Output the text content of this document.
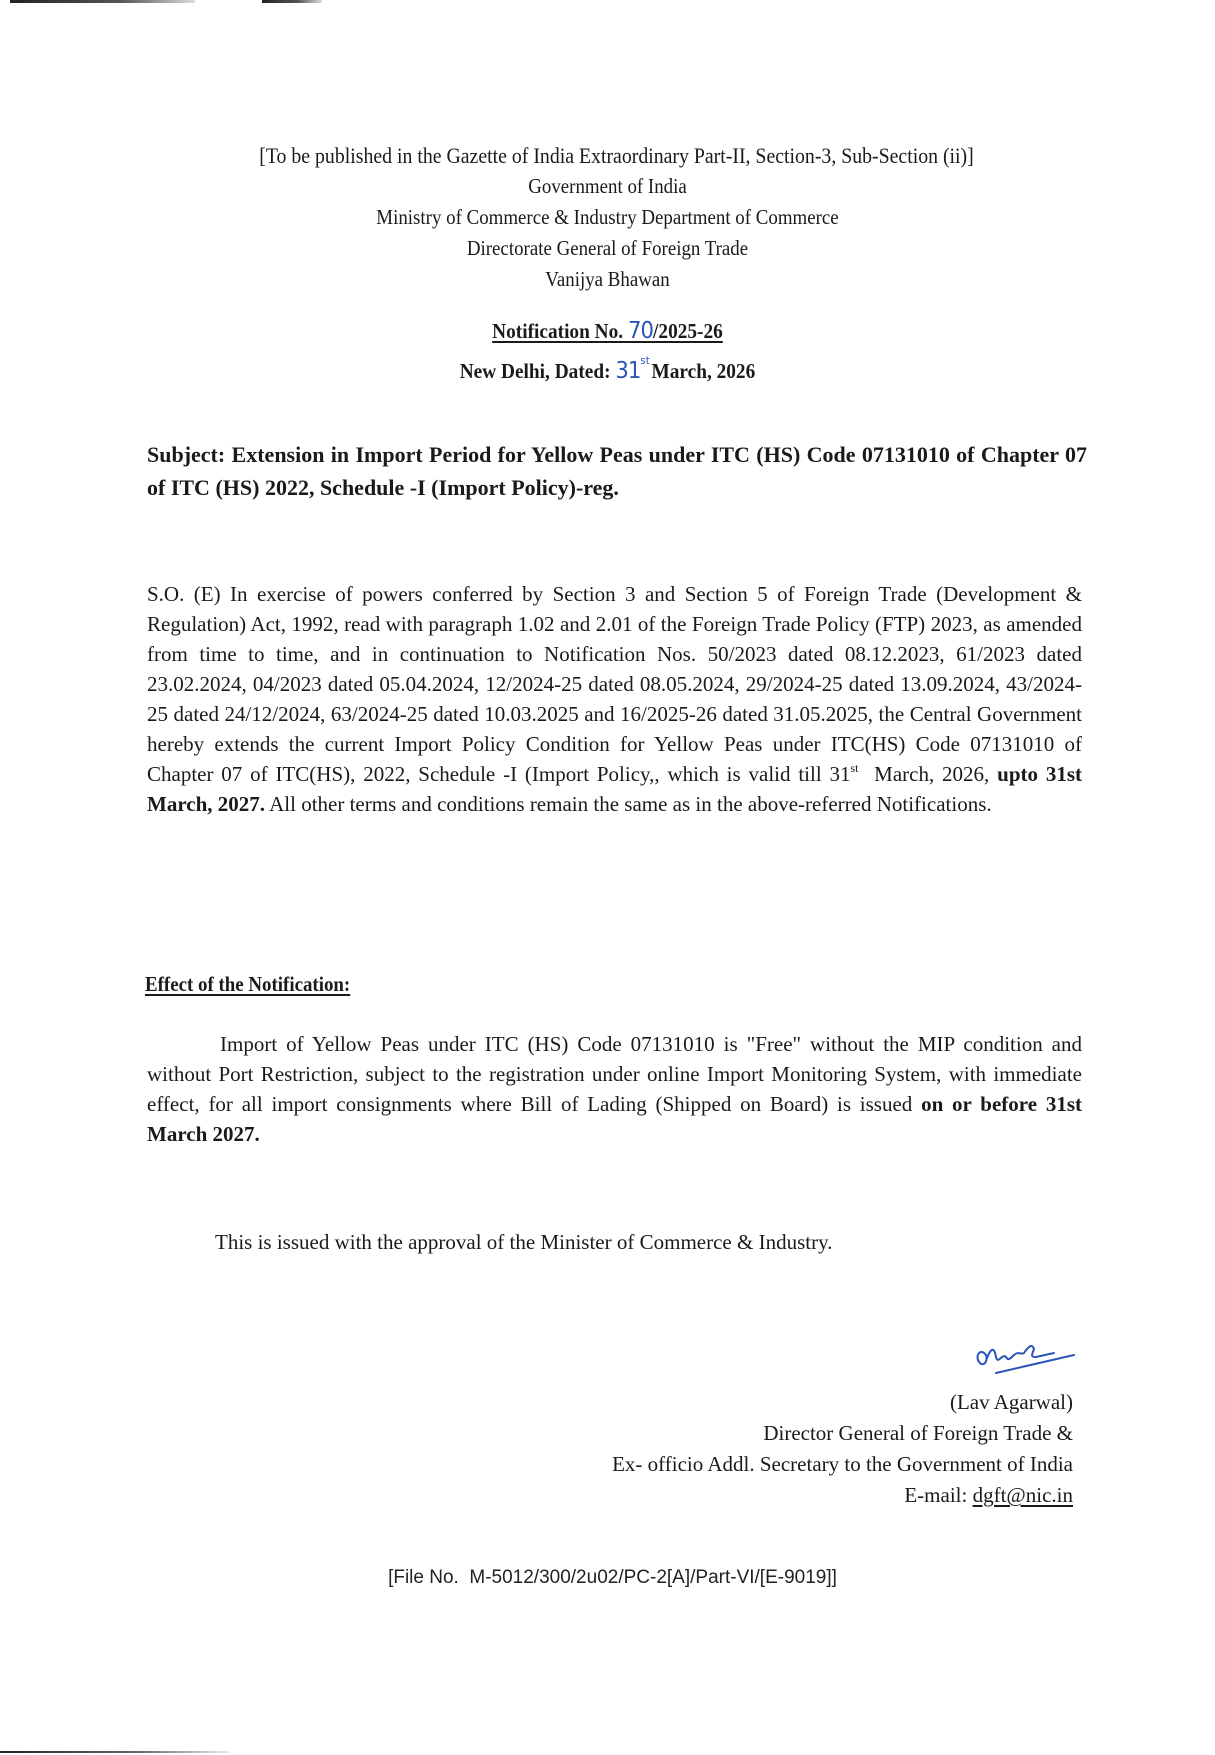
[To be published in the Gazette of India Extraordinary Part-II, Section-3, Sub-Section (ii)]
Government of India
Ministry of Commerce & Industry Department of Commerce
Directorate General of Foreign Trade
Vanijya Bhawan
Notification No. 70/2025-26
New Delhi, Dated: 31stMarch, 2026
Subject: Extension in Import Period for Yellow Peas under ITC (HS) Code 07131010 of Chapter 07 of ITC (HS) 2022, Schedule -I (Import Policy)-reg.
S.O. (E) In exercise of powers conferred by Section 3 and Section 5 of Foreign Trade (Development & Regulation) Act, 1992, read with paragraph 1.02 and 2.01 of the Foreign Trade Policy (FTP) 2023, as amended from time to time, and in continuation to Notification Nos. 50/2023 dated 08.12.2023, 61/2023 dated 23.02.2024, 04/2023 dated 05.04.2024, 12/2024-25 dated 08.05.2024, 29/2024-25 dated 13.09.2024, 43/2024-25 dated 24/12/2024, 63/2024-25 dated 10.03.2025 and 16/2025-26 dated 31.05.2025, the Central Government hereby extends the current Import Policy Condition for Yellow Peas under ITC(HS) Code 07131010 of Chapter 07 of ITC(HS), 2022, Schedule -I (Import Policy,, which is valid till 31st  March, 2026, upto 31st March, 2027. All other terms and conditions remain the same as in the above-referred Notifications.
Effect of the Notification:
Import of Yellow Peas under ITC (HS) Code 07131010 is "Free" without the MIP condition and without Port Restriction, subject to the registration under online Import Monitoring System, with immediate effect, for all import consignments where Bill of Lading (Shipped on Board) is issued on or before 31st March 2027.
This is issued with the approval of the Minister of Commerce & Industry.
(Lav Agarwal)
Director General of Foreign Trade &
Ex- officio Addl. Secretary to the Government of India
E-mail: dgft@nic.in
[File No.  M-5012/300/2u02/PC-2[A]/Part-VI/[E-9019]]
